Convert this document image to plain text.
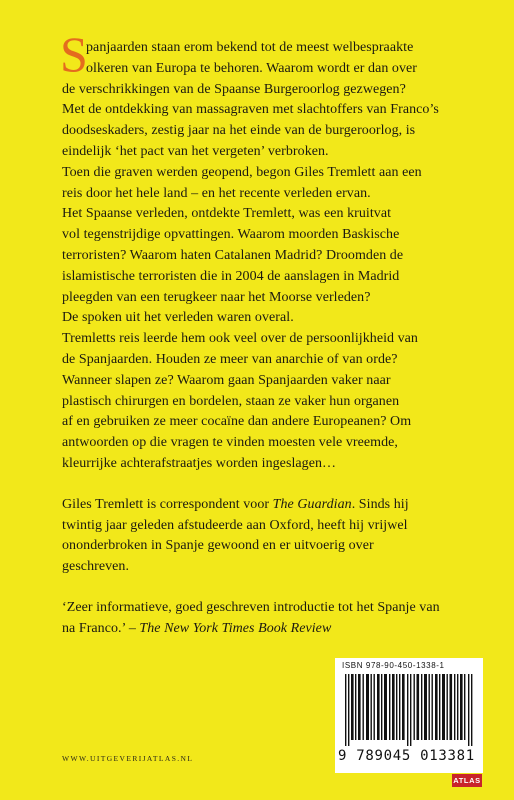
S
panjaarden staan erom bekend tot de meest welbespraakte
olkeren van Europa te behoren. Waarom wordt er dan over
de verschrikkingen van de Spaanse Burgeroorlog gezwegen?
Met de ontdekking van massagraven met slachtoffers van Franco’s
doodseskaders, zestig jaar na het einde van de burgeroorlog, is
eindelijk ‘het pact van het vergeten’ verbroken.
Toen die graven werden geopend, begon Giles Tremlett aan een
reis door het hele land – en het recente verleden ervan.
Het Spaanse verleden, ontdekte Tremlett, was een kruitvat
vol tegenstrijdige opvattingen. Waarom moorden Baskische
terroristen? Waarom haten Catalanen Madrid? Droomden de
islamistische terroristen die in 2004 de aanslagen in Madrid
pleegden van een terugkeer naar het Moorse verleden?
De spoken uit het verleden waren overal.
Tremletts reis leerde hem ook veel over de persoonlijkheid van
de Spanjaarden. Houden ze meer van anarchie of van orde?
Wanneer slapen ze? Waarom gaan Spanjaarden vaker naar
plastisch chirurgen en bordelen, staan ze vaker hun organen
af en gebruiken ze meer cocaïne dan andere Europeanen? Om
antwoorden op die vragen te vinden moesten vele vreemde,
kleurrijke achterafstraatjes worden ingeslagen…
Giles Tremlett is correspondent voor The Guardian. Sinds hij
twintig jaar geleden afstudeerde aan Oxford, heeft hij vrijwel
ononderbroken in Spanje gewoond en er uitvoerig over
geschreven.
‘Zeer informatieve, goed geschreven introductie tot het Spanje van
na Franco.’ – The New York Times Book Review
ISBN 978-90-450-1338-1
9 789045 013381
ATLAS
WWW.UITGEVERIJATLAS.NL
